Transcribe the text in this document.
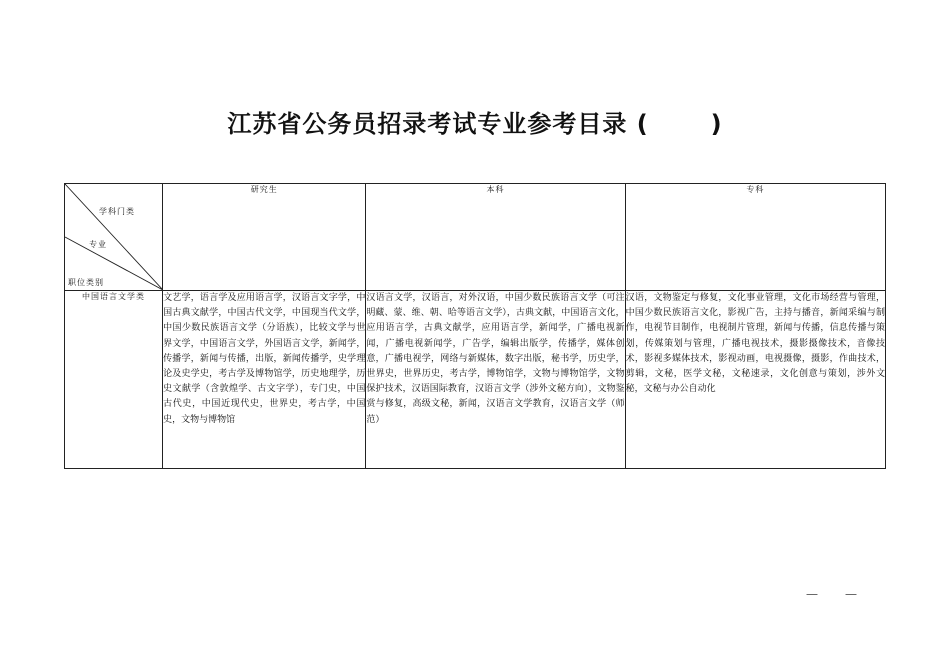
江苏省公务员招录考试专业参考目录 (	)
学科门类
专业
职位类别	研究生	本科	专科
中国语言文学类	文艺学，语言学及应用语言学，汉语言文字学，中国古典文献学，中国古代文学，中国现当代文学，中国少数民族语言文学（分语族），比较文学与世界文学，中国语言文学，外国语言文学，新闻学，传播学，新闻与传播，出版，新闻传播学，史学理论及史学史，考古学及博物馆学，历史地理学，历史文献学（含敦煌学、古文字学），专门史，中国古代史，中国近现代史，世界史，考古学，中国史，文物与博物馆	汉语言文学，汉语言，对外汉语，中国少数民族语言文学（可注明藏、蒙、维、朝、哈等语言文学），古典文献，中国语言文化，应用语言学，古典文献学，应用语言学，新闻学，广播电视新闻，广播电视新闻学，广告学，编辑出版学，传播学，媒体创意，广播电视学，网络与新媒体，数字出版，秘书学，历史学，世界史，世界历史，考古学，博物馆学，文物与博物馆学，文物保护技术，汉语国际教育，汉语言文学（涉外文秘方向），文物鉴赏与修复，高级文秘，新闻，汉语言文学教育，汉语言文学（师范）	汉语，文物鉴定与修复，文化事业管理，文化市场经营与管理，中国少数民族语言文化，影视广告，主持与播音，新闻采编与制作，电视节目制作，电视制片管理，新闻与传播，信息传播与策划，传媒策划与管理，广播电视技术，摄影摄像技术，音像技术，影视多媒体技术，影视动画，电视摄像，摄影，作曲技术，剪辑，文秘，医学文秘，文秘速录，文化创意与策划，涉外文秘，文秘与办公自动化
— —
